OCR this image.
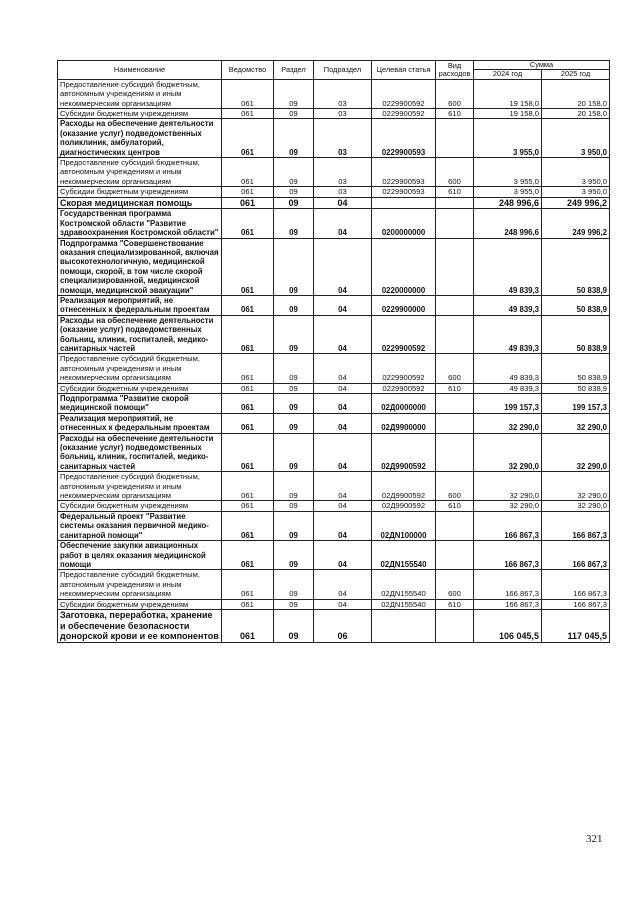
Наименование	Ведомство	Раздел	Подраздел	Целевая статья	Вид расходов	Сумма	
						2024 год	2025 год
Предоставление субсидий бюджетным, автономным учреждениям и иным некоммерческим организациям	061	09	03	0229900592	600	19 158,0	20 158,0
Субсидии бюджетным учреждениям	061	09	03	0229900592	610	19 158,0	20 158,0
Расходы на обеспечение деятельности (оказание услуг) подведомственных поликлиник, амбулаторий, диагностических центров	061	09	03	0229900593		3 955,0	3 950,0
Предоставление субсидий бюджетным, автономным учреждениям и иным некоммерческим организациям	061	09	03	0229900593	600	3 955,0	3 950,0
Субсидии бюджетным учреждениям	061	09	03	0229900593	610	3 955,0	3 950,0
Скорая медицинская помощь	061	09	04			248 996,6	249 996,2
Государственная программа Костромской области "Развитие здравоохранения Костромской области"	061	09	04	0200000000		248 996,6	249 996,2
Подпрограмма "Совершенствование оказания специализированной, включая высокотехнологичную, медицинской помощи, скорой, в том числе скорой специализированной, медицинской помощи, медицинской эвакуации"	061	09	04	0220000000		49 839,3	50 838,9
Реализация мероприятий, не отнесенных к федеральным проектам	061	09	04	0229900000		49 839,3	50 838,9
Расходы на обеспечение деятельности (оказание услуг) подведомственных больниц, клиник, госпиталей, медико-санитарных частей	061	09	04	0229900592		49 839,3	50 838,9
Предоставление субсидий бюджетным, автономным учреждениям и иным некоммерческим организациям	061	09	04	0229900592	600	49 839,3	50 838,9
Субсидии бюджетным учреждениям	061	09	04	0229900592	610	49 839,3	50 838,9
Подпрограмма "Развитие скорой медицинской помощи"	061	09	04	02Д0000000		199 157,3	199 157,3
Реализация мероприятий, не отнесенных к федеральным проектам	061	09	04	02Д9900000		32 290,0	32 290,0
Расходы на обеспечение деятельности (оказание услуг) подведомственных больниц, клиник, госпиталей, медико-санитарных частей	061	09	04	02Д9900592		32 290,0	32 290,0
Предоставление субсидий бюджетным, автономным учреждениям и иным некоммерческим организациям	061	09	04	02Д9900592	600	32 290,0	32 290,0
Субсидии бюджетным учреждениям	061	09	04	02Д9900592	610	32 290,0	32 290,0
Федеральный проект "Развитие системы оказания первичной медико-санитарной помощи"	061	09	04	02ДN100000		166 867,3	166 867,3
Обеспечение закупки авиационных работ в целях оказания медицинской помощи	061	09	04	02ДN155540		166 867,3	166 867,3
Предоставление субсидий бюджетным, автономным учреждениям и иным некоммерческим организациям	061	09	04	02ДN155540	600	166 867,3	166 867,3
Субсидии бюджетным учреждениям	061	09	04	02ДN155540	610	166 867,3	166 867,3
Заготовка, переработка, хранение и обеспечение безопасности донорской крови и ее компонентов	061	09	06			106 045,5	117 045,5
321
